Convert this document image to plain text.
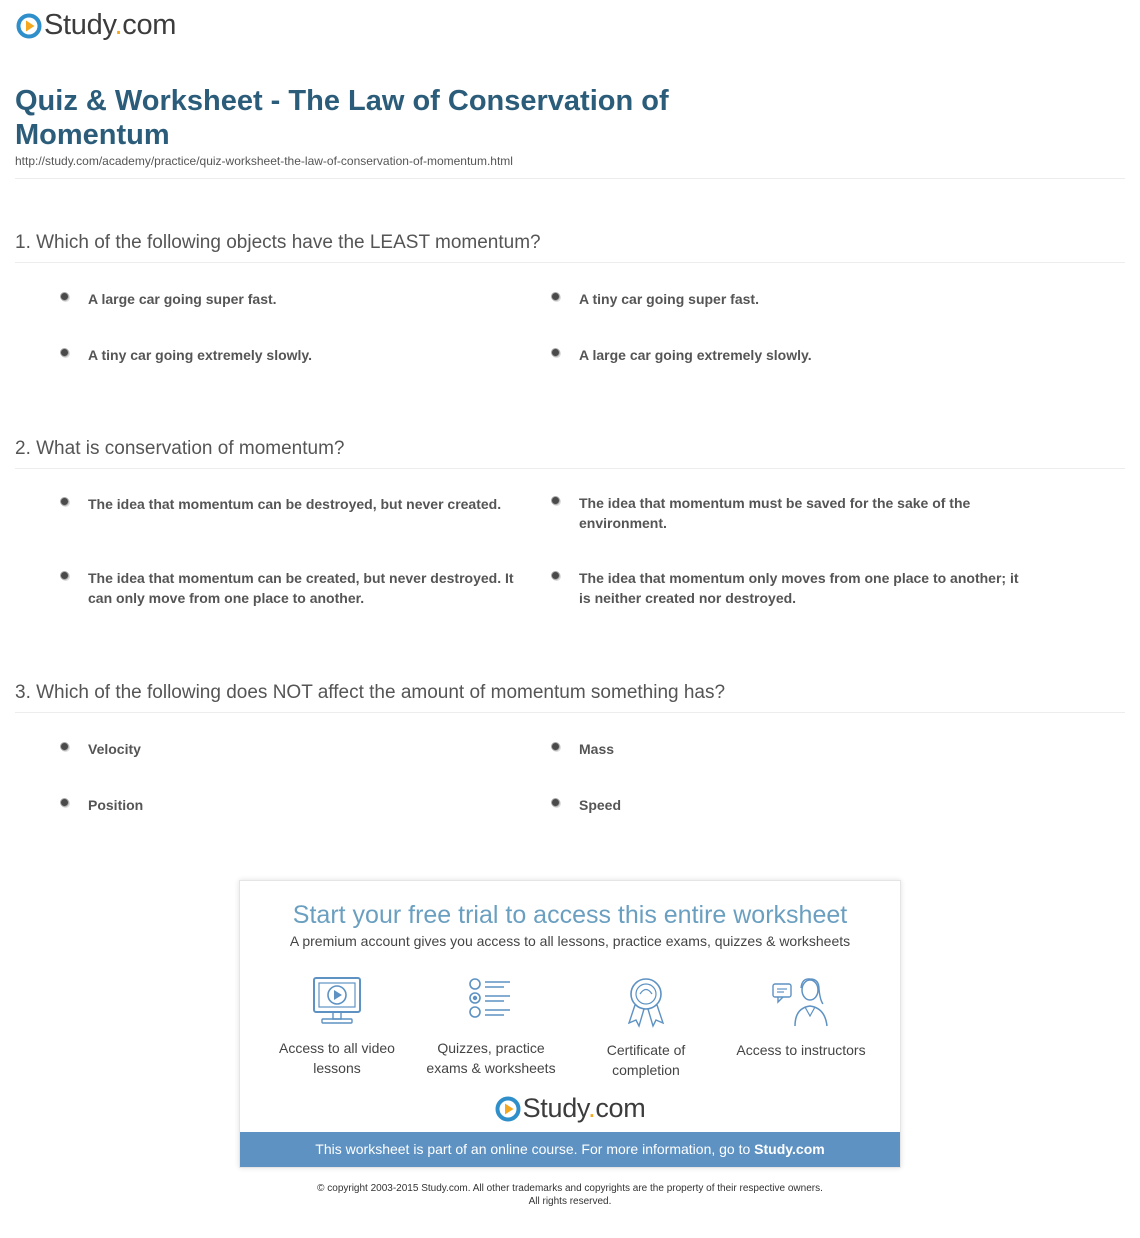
Study.com
Quiz & Worksheet - The Law of Conservation of Momentum
http://study.com/academy/practice/quiz-worksheet-the-law-of-conservation-of-momentum.html
1. Which of the following objects have the LEAST momentum?
A large car going super fast.	A tiny car going super fast.
A tiny car going extremely slowly.	A large car going extremely slowly.
2. What is conservation of momentum?
The idea that momentum can be destroyed, but never created.	The idea that momentum must be saved for the sake of the environment.
The idea that momentum can be created, but never destroyed. It can only move from one place to another.
The idea that momentum only moves from one place to another; it is neither created nor destroyed.
3. Which of the following does NOT affect the amount of momentum something has?
Velocity	Mass
Position	Speed
Start your free trial to access this entire worksheet
A premium account gives you access to all lessons, practice exams, quizzes & worksheets
Access to all video lessons
Quizzes, practice exams & worksheets
Certificate of completion
Access to instructors
Study.com
This worksheet is part of an online course. For more information, go to Study.com
© copyright 2003-2015 Study.com. All other trademarks and copyrights are the property of their respective owners.
All rights reserved.
